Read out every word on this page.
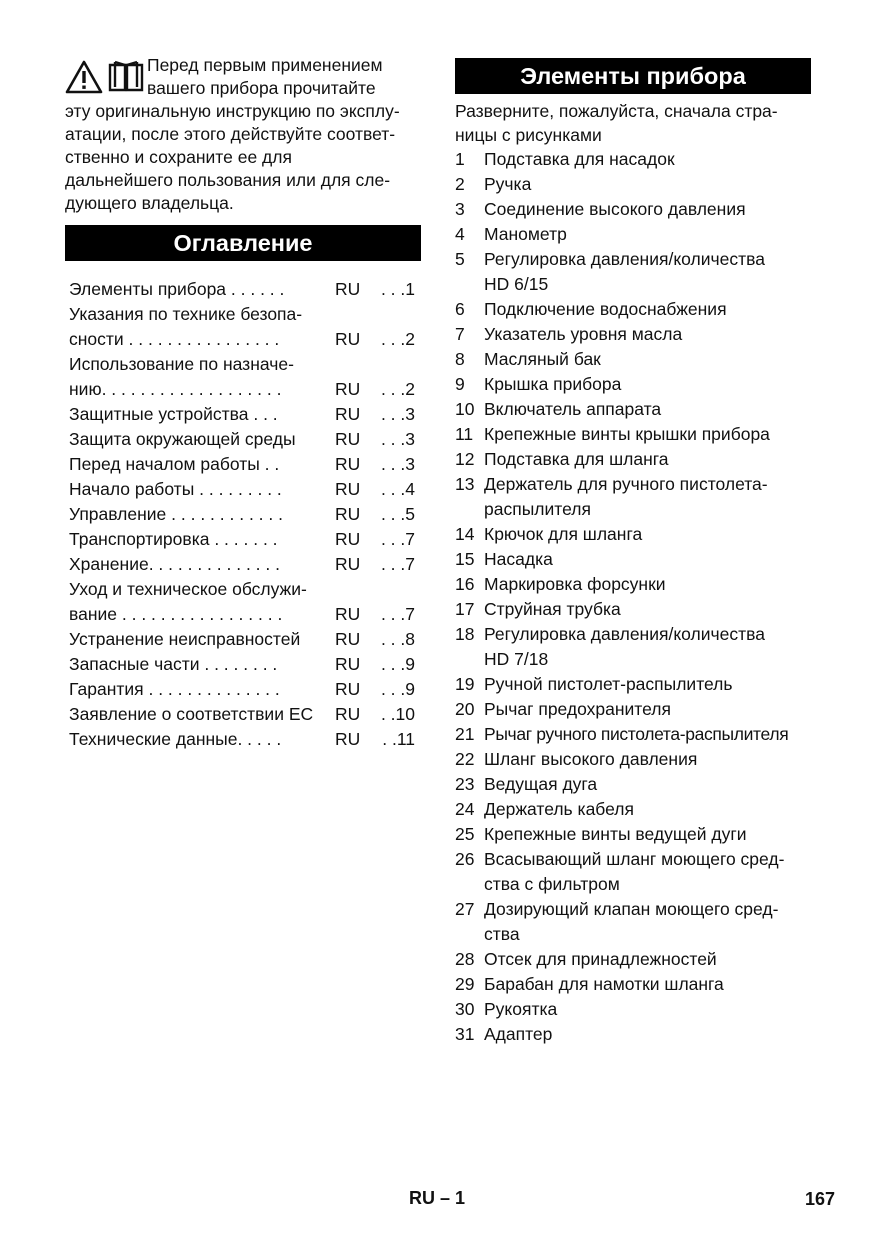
Перед первым применением
вашего прибора прочитайте
эту оригинальную инструкцию по эксплу-
атации, после этого действуйте соответ-
ственно и сохраните ее для
дальнейшего пользования или для сле-
дующего владельца.
Оглавление
Элементы прибора . . . . . .	RU	. . .1
Указания по технике безопа-
сности . . . . . . . . . . . . . . . .	RU	. . .2
Использование по назначе-
нию. . . . . . . . . . . . . . . . . . .	RU	. . .2
Защитные устройства . . .	RU	. . .3
Защита окружающей среды	RU	. . .3
Перед началом работы . .	RU	. . .3
Начало работы . . . . . . . . .	RU	. . .4
Управление . . . . . . . . . . . .	RU	. . .5
Транспортировка . . . . . . .	RU	. . .7
Хранение. . . . . . . . . . . . . .	RU	. . .7
Уход и техническое обслужи-
вание . . . . . . . . . . . . . . . . .	RU	. . .7
Устранение неисправностей	RU	. . .8
Запасные части . . . . . . . .	RU	. . .9
Гарантия . . . . . . . . . . . . . .	RU	. . .9
Заявление о соответствии ЕС	RU	. .10
Технические данные. . . . .	RU	. .11
Элементы прибора
Разверните, пожалуйста, сначала стра-
ницы с рисунками
1	Подставка для насадок
2	Ручка
3	Соединение высокого давления
4	Манометр
5	Регулировка давления/количества
HD 6/15
6	Подключение водоснабжения
7	Указатель уровня масла
8	Масляный бак
9	Крышка прибора
10 Включатель аппарата
11 Крепежные винты крышки прибора
12 Подставка для шланга
13 Держатель для ручного пистолета-
распылителя
14 Крючок для шланга
15 Насадка
16 Маркировка форсунки
17 Струйная трубка
18 Регулировка давления/количества
HD 7/18
19 Ручной пистолет-распылитель
20 Рычаг предохранителя
21 Рычаг ручного пистолета-распылителя
22 Шланг высокого давления
23 Ведущая дуга
24 Держатель кабеля
25 Крепежные винты ведущей дуги
26 Всасывающий шланг моющего сред-
ства с фильтром
27 Дозирующий клапан моющего сред-
ства
28 Отсек для принадлежностей
29 Барабан для намотки шланга
30 Рукоятка
31 Адаптер
RU – 1	167
